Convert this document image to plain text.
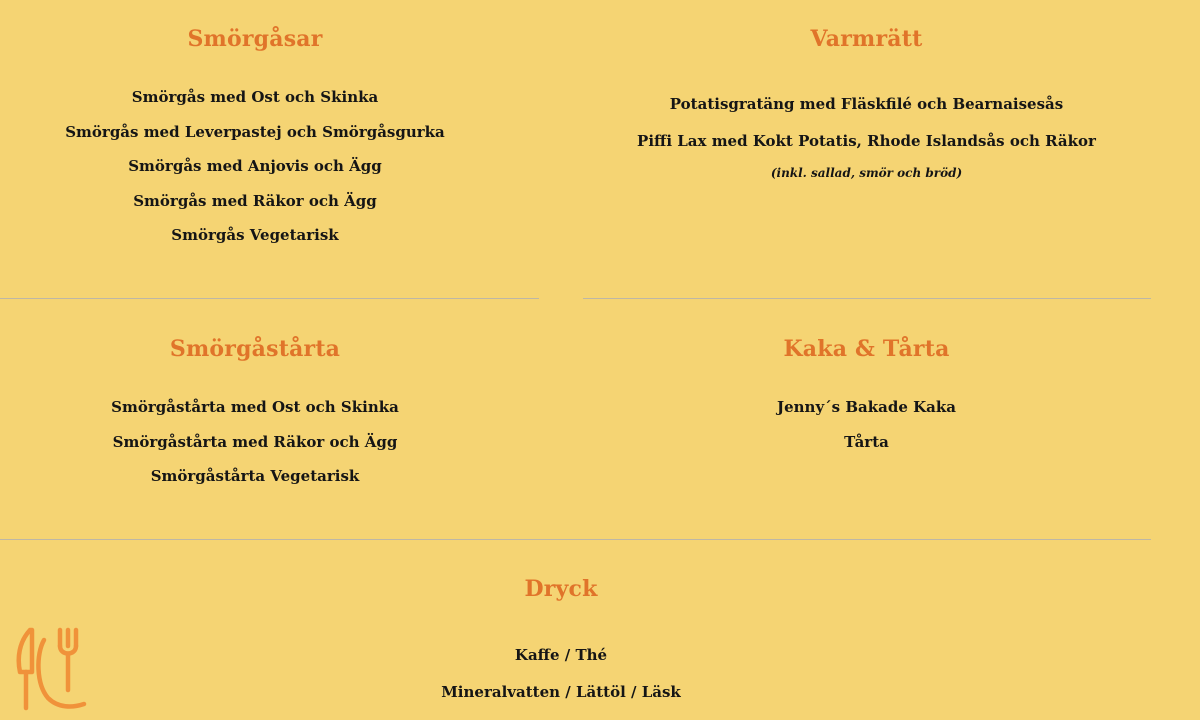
Smörgåsar
Smörgås med Ost och Skinka
Smörgås med Leverpastej och Smörgåsgurka
Smörgås med Anjovis och Ägg
Smörgås med Räkor och Ägg
Smörgås Vegetarisk
Varmrätt
Potatisgratäng med Fläskfilé och Bearnaisesås
Piffi Lax med Kokt Potatis, Rhode Islandsås och Räkor
(inkl. sallad, smör och bröd)
Smörgåstårta
Smörgåstårta med Ost och Skinka
Smörgåstårta med Räkor och Ägg
Smörgåstårta Vegetarisk
Kaka & Tårta
Jenny´s Bakade Kaka
Tårta
Dryck
Kaffe / Thé
Mineralvatten / Lättöl / Läsk
